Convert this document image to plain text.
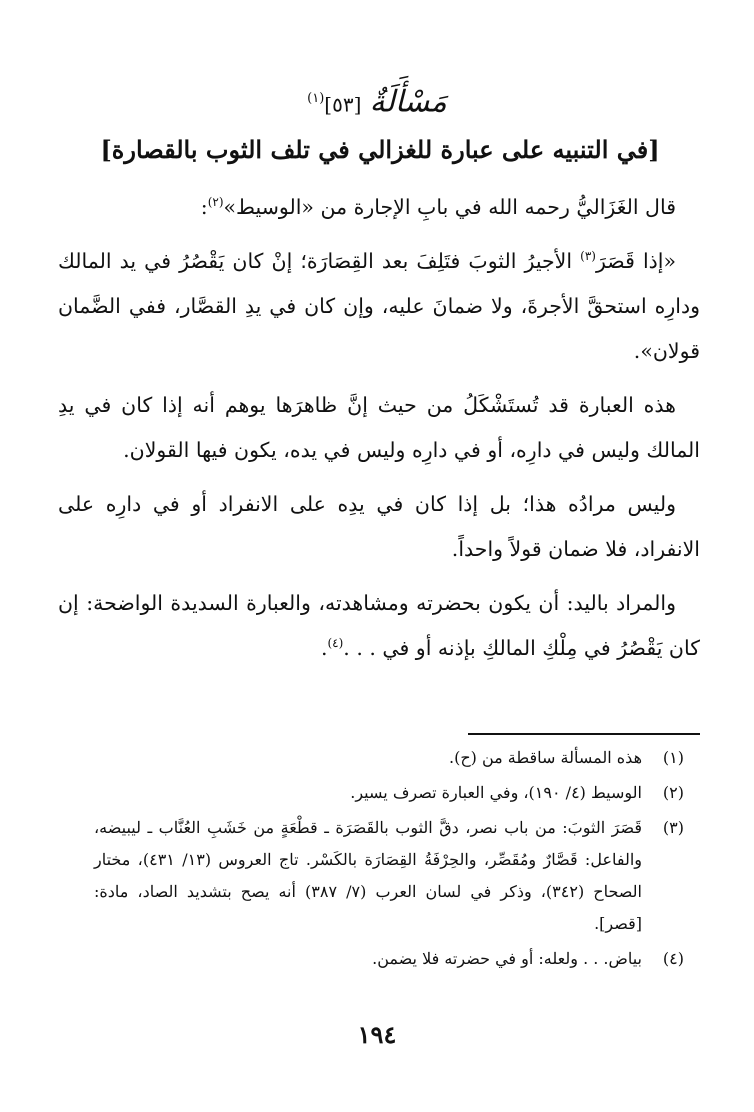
مَسْأَلَةٌ [٥٣]$^{(١)}$
[في التنبيه على عبارة للغزالي في تلف الثوب بالقصارة]

قال الغَزَاليُّ رحمه الله في بابِ الإجارة من «الوسيط»$^{(٢)}$:

«إذا قَصَرَ$^{(٣)}$ الأجيرُ الثوبَ فتَلِفَ بعد القِصَارَة؛ إنْ كان يَقْصُرُ في يد المالك ودارِه استحقَّ الأجرةَ، ولا ضمانَ عليه، وإن كان في يدِ القصَّار، ففي الضَّمان قولان».

هذه العبارة قد تُستَشْكَلُ من حيث إنَّ ظاهرَها يوهم أنه إذا كان في يدِ المالك وليس في دارِه، أو في دارِه وليس في يده، يكون فيها القولان.

وليس مرادُه هذا؛ بل إذا كان في يدِه على الانفراد أو في دارِه على الانفراد، فلا ضمان قولاً واحداً.

والمراد باليد: أن يكون بحضرته ومشاهدته، والعبارة السديدة الواضحة: إن كان يَقْصُرُ في مِلْكِ المالكِ بإذنه أو في . . .$^{(٤)}$.

(١)
هذه المسألة ساقطة من (ح).
(٢)
الوسيط (٤/ ١٩٠)، وفي العبارة تصرف يسير.
(٣)
قَصَرَ الثوبَ: من باب نصر، دقَّ الثوب بالقَصَرَة ـ قطْعَةٍ من خَشَبِ العُنَّاب ـ ليبيضه، والفاعل: قَصَّارٌ ومُقَصِّر، والحِرْفَةُ القِصَارَة بالكَسْر. تاج العروس (١٣/ ٤٣١)، مختار الصحاح (٣٤٢)، وذكر في لسان العرب (٧/ ٣٨٧) أنه يصح بتشديد الصاد، مادة: [قصر].
(٤)
بياض. . . ولعله: أو في حضرته فلا يضمن.
١٩٤
